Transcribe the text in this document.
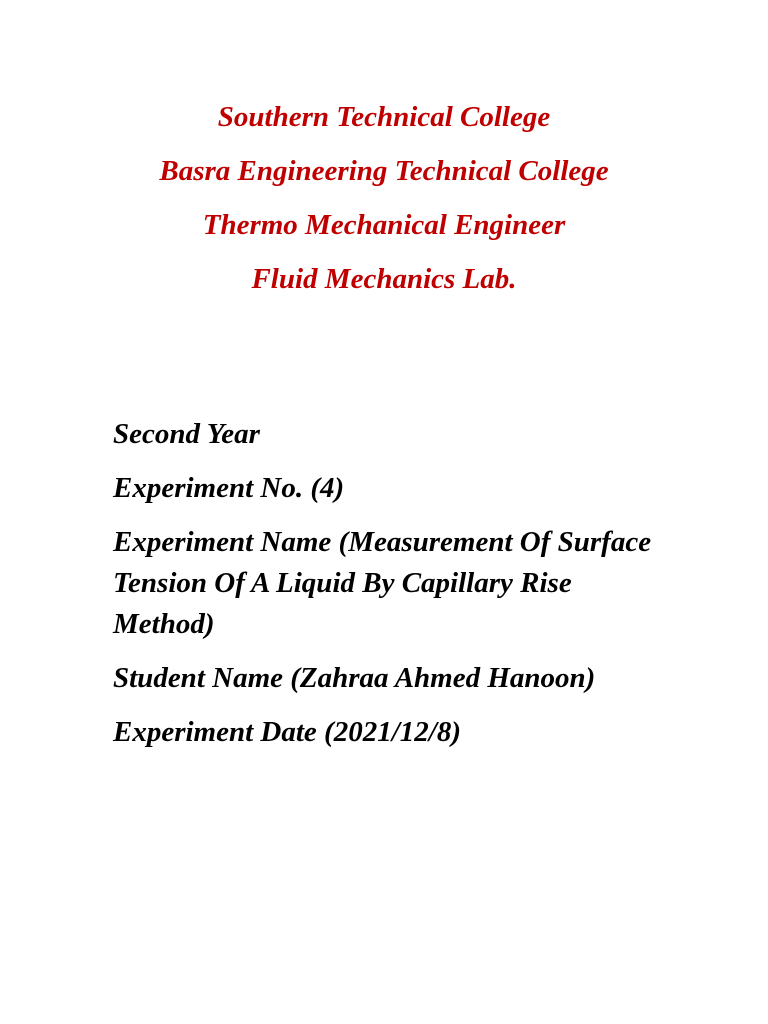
Southern Technical College

Basra Engineering Technical College

Thermo Mechanical Engineer

Fluid Mechanics Lab.

Second Year

Experiment No. (4)

Experiment Name (Measurement Of Surface Tension Of A Liquid By Capillary Rise Method)

Student Name (Zahraa Ahmed Hanoon)

Experiment Date (2021/12/8)
